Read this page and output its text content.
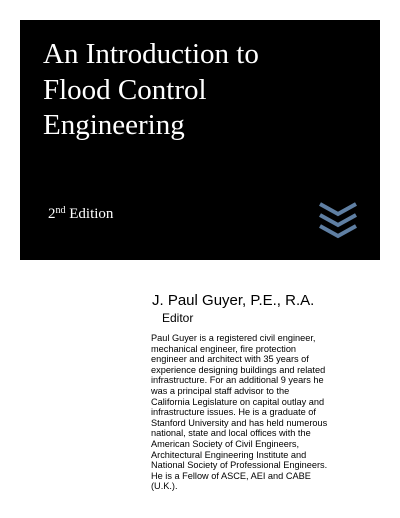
An Introduction to
Flood Control
Engineering
2nd Edition
J. Paul Guyer, P.E., R.A.
Editor
Paul Guyer is a registered civil engineer,
mechanical engineer, fire protection
engineer and architect with 35 years of
experience designing buildings and related
infrastructure. For an additional 9 years he
was a principal staff advisor to the
California Legislature on capital outlay and
infrastructure issues. He is a graduate of
Stanford University and has held numerous
national, state and local offices with the
American Society of Civil Engineers,
Architectural Engineering Institute and
National Society of Professional Engineers.
He is a Fellow of ASCE, AEI and CABE
(U.K.).
